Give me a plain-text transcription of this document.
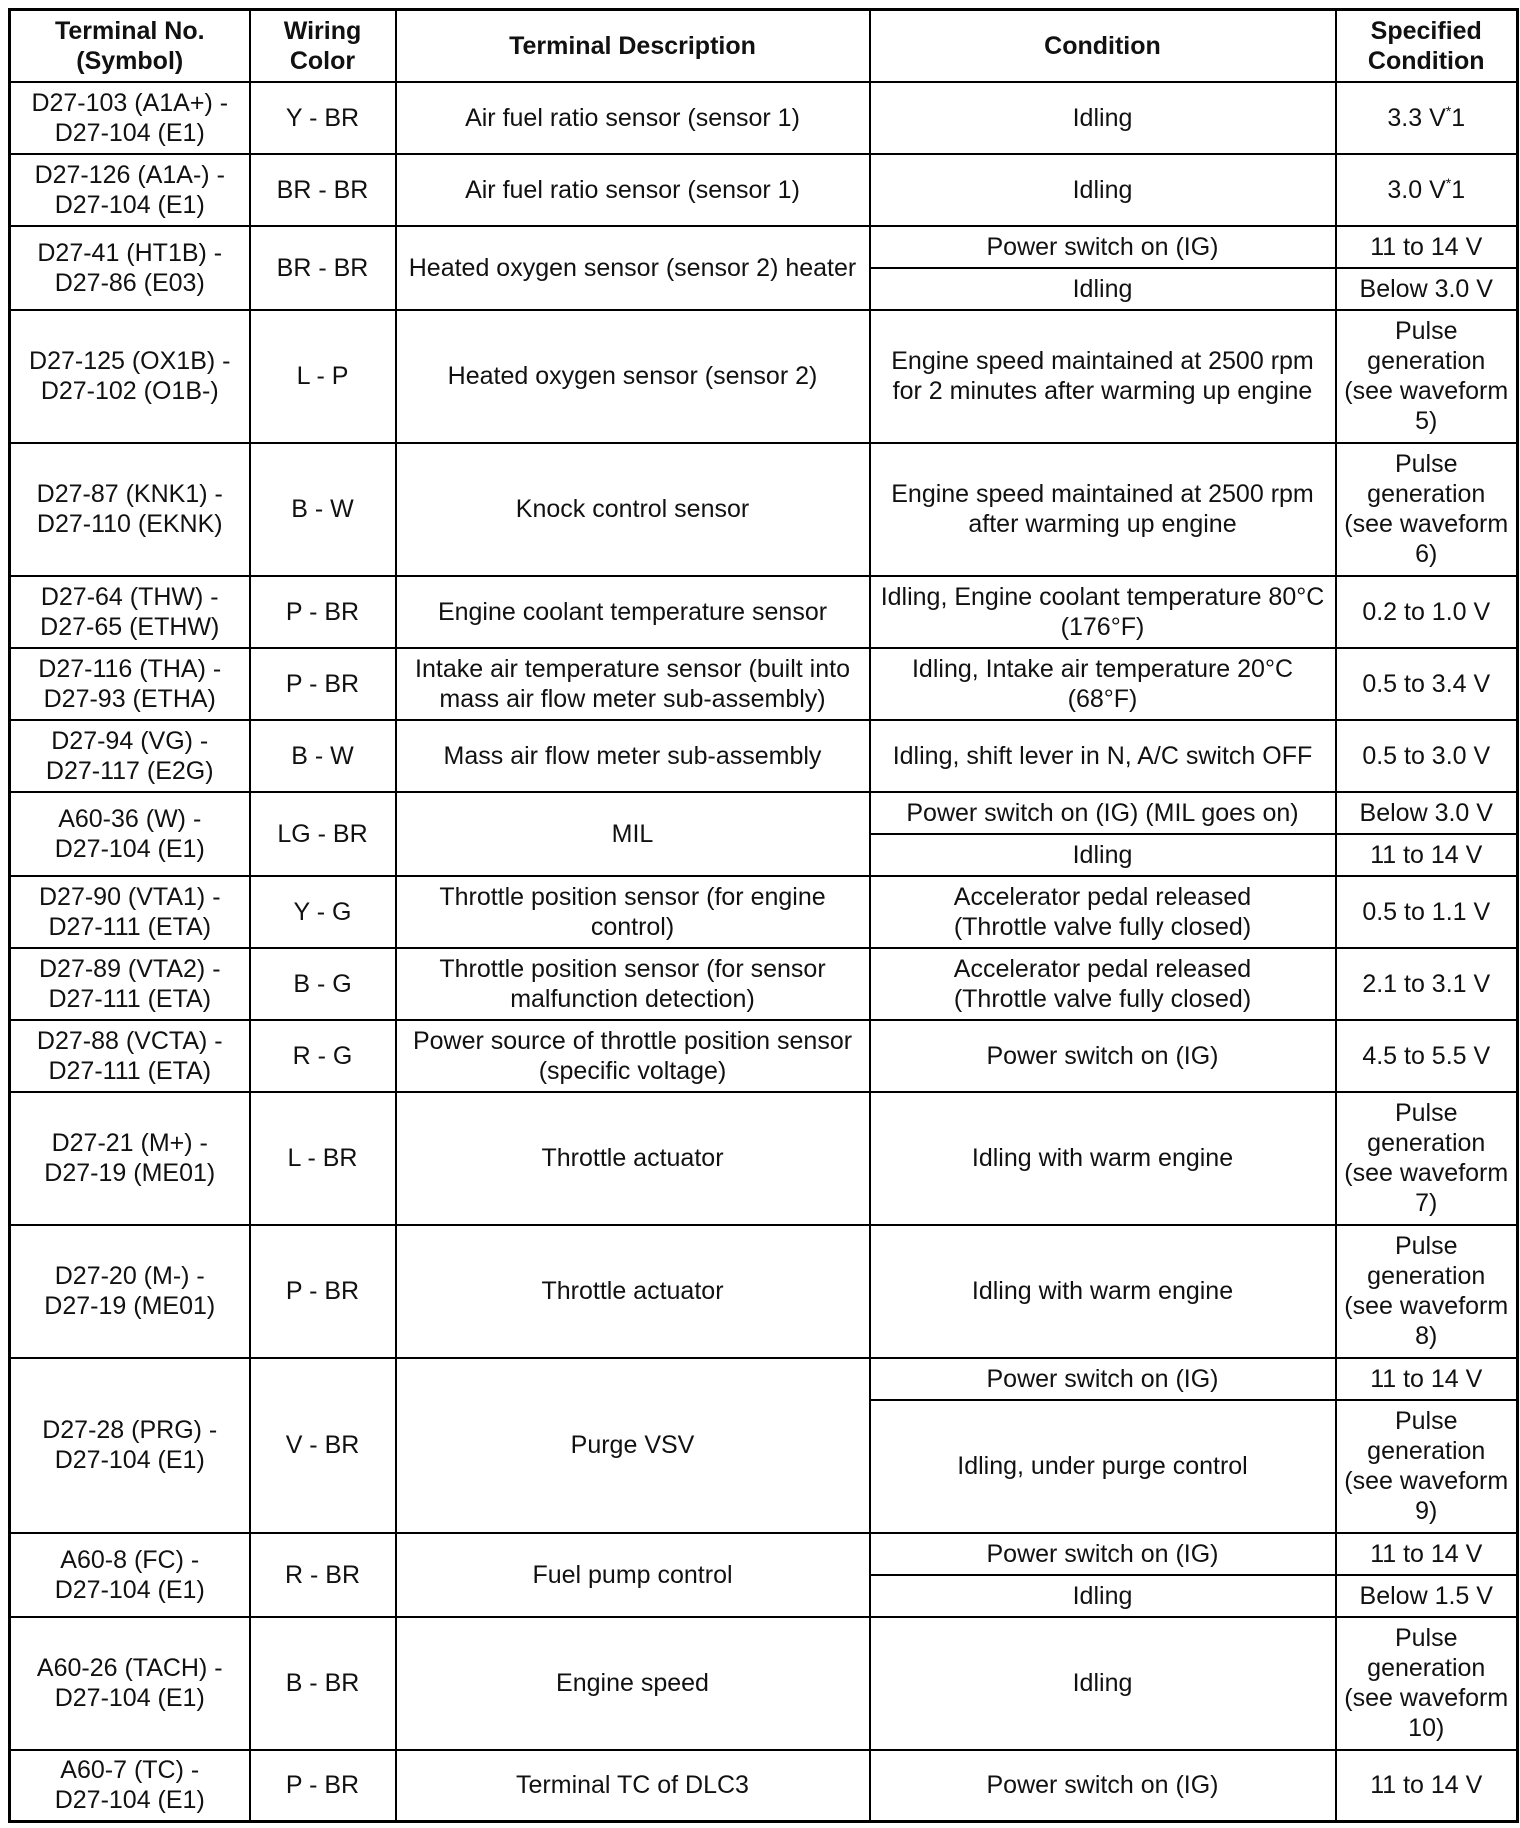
Terminal No.
(Symbol)	Wiring
Color	Terminal Description	Condition	Specified
Condition

D27-103 (A1A+) -
D27-104 (E1)	Y - BR	Air fuel ratio sensor (sensor 1)	Idling	3.3 V*1

D27-126 (A1A-) -
D27-104 (E1)	BR - BR	Air fuel ratio sensor (sensor 1)	Idling	3.0 V*1

D27-41 (HT1B) -
D27-86 (E03)	BR - BR	Heated oxygen sensor (sensor 2) heater	Power switch on (IG)	11 to 14 V

			Idling	Below 3.0 V

D27-125 (OX1B) -
D27-102 (O1B-)	L - P	Heated oxygen sensor (sensor 2)	Engine speed maintained at 2500 rpm
for 2 minutes after warming up engine	Pulse
generation
(see waveform
5)

D27-87 (KNK1) -
D27-110 (EKNK)	B - W	Knock control sensor	Engine speed maintained at 2500 rpm
after warming up engine	Pulse
generation
(see waveform
6)

D27-64 (THW) -
D27-65 (ETHW)	P - BR	Engine coolant temperature sensor	Idling, Engine coolant temperature 80°C
(176°F)	0.2 to 1.0 V

D27-116 (THA) -
D27-93 (ETHA)	P - BR	Intake air temperature sensor (built into
mass air flow meter sub-assembly)	Idling, Intake air temperature 20°C
(68°F)	0.5 to 3.4 V

D27-94 (VG) -
D27-117 (E2G)	B - W	Mass air flow meter sub-assembly	Idling, shift lever in N, A/C switch OFF	0.5 to 3.0 V

A60-36 (W) -
D27-104 (E1)	LG - BR	MIL	Power switch on (IG) (MIL goes on)	Below 3.0 V

			Idling	11 to 14 V

D27-90 (VTA1) -
D27-111 (ETA)	Y - G	Throttle position sensor (for engine
control)	Accelerator pedal released
(Throttle valve fully closed)	0.5 to 1.1 V

D27-89 (VTA2) -
D27-111 (ETA)	B - G	Throttle position sensor (for sensor
malfunction detection)	Accelerator pedal released
(Throttle valve fully closed)	2.1 to 3.1 V

D27-88 (VCTA) -
D27-111 (ETA)	R - G	Power source of throttle position sensor
(specific voltage)	Power switch on (IG)	4.5 to 5.5 V

D27-21 (M+) -
D27-19 (ME01)	L - BR	Throttle actuator	Idling with warm engine	Pulse
generation
(see waveform
7)

D27-20 (M-) -
D27-19 (ME01)	P - BR	Throttle actuator	Idling with warm engine	Pulse
generation
(see waveform
8)

D27-28 (PRG) -
D27-104 (E1)	V - BR	Purge VSV	Power switch on (IG)	11 to 14 V

			Idling, under purge control	Pulse
generation
(see waveform
9)

A60-8 (FC) -
D27-104 (E1)	R - BR	Fuel pump control	Power switch on (IG)	11 to 14 V

			Idling	Below 1.5 V

A60-26 (TACH) -
D27-104 (E1)	B - BR	Engine speed	Idling	Pulse
generation
(see waveform
10)

A60-7 (TC) -
D27-104 (E1)	P - BR	Terminal TC of DLC3	Power switch on (IG)	11 to 14 V
